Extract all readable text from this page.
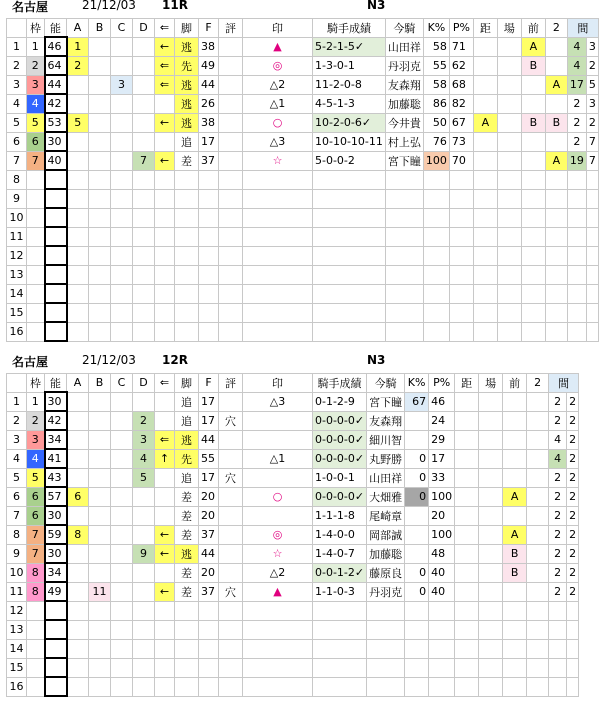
名古屋	21/12/03 11R	N3
	枠	能	A	B	C	D	⇐	脚	F	評	印	騎手成績	今騎	K%	P%	距	場	前	2	間	
1	1	46	1				←	逃	38		▲	5-2-1-5✓	山田祥	58	71			A		4	3
2	2	64	2				⇐	先	49		◎	1-3-0-1	丹羽克	55	62			B		4	2
3	3	44			3		⇐	逃	44		△2	11-2-0-8	友森翔	58	68				A	17	5
4	4	42						逃	26		△1	4-5-1-3	加藤聡	86	82					2	3
5	5	53	5				←	逃	38		○	10-2-0-6✓	今井貴	50	67	A		B	B	2	2
6	6	30						追	17		△3	10-10-10-11	村上弘	76	73					2	7
7	7	40				7	←	差	37		☆	5-0-0-2	宮下瞳	100	70				A	19	7
8																					
9																					
10																					
11																					
12																					
13																					
14																					
15																					
16																					
名古屋	21/12/03 12R	N3
	枠	能	A	B	C	D	⇐	脚	F	評	印	騎手成績	今騎	K%	P%	距	場	前	2	間	
1	1	30						追	17		△3	0-1-2-9	宮下瞳	67	46					2	2
2	2	42				2		追	17	穴		0-0-0-0✓	友森翔		24					2	2
3	3	34				3	⇐	逃	44			0-0-0-0✓	細川智		29					4	2
4	4	41				4	↑	先	55		△1	0-0-0-0✓	丸野勝	0	17					4	2
5	5	43				5		追	17	穴		1-0-0-1	山田祥	0	33					2	2
6	6	57	6					差	20		○	0-0-0-0✓	大畑雅	0	100			A		2	2
7	6	30						差	20			1-1-1-8	尾崎章		20					2	2
8	7	59	8				←	差	37		◎	1-4-0-0	岡部誠		100			A		2	2
9	7	30				9	←	逃	44		☆	1-4-0-7	加藤聡		48			B		2	2
10	8	34						差	20		△2	0-0-1-2✓	藤原良	0	40			B		2	2
11	8	49		11			←	差	37	穴	▲	1-1-0-3	丹羽克	0	40					2	2
12																					
13																					
14																					
15																					
16																					
